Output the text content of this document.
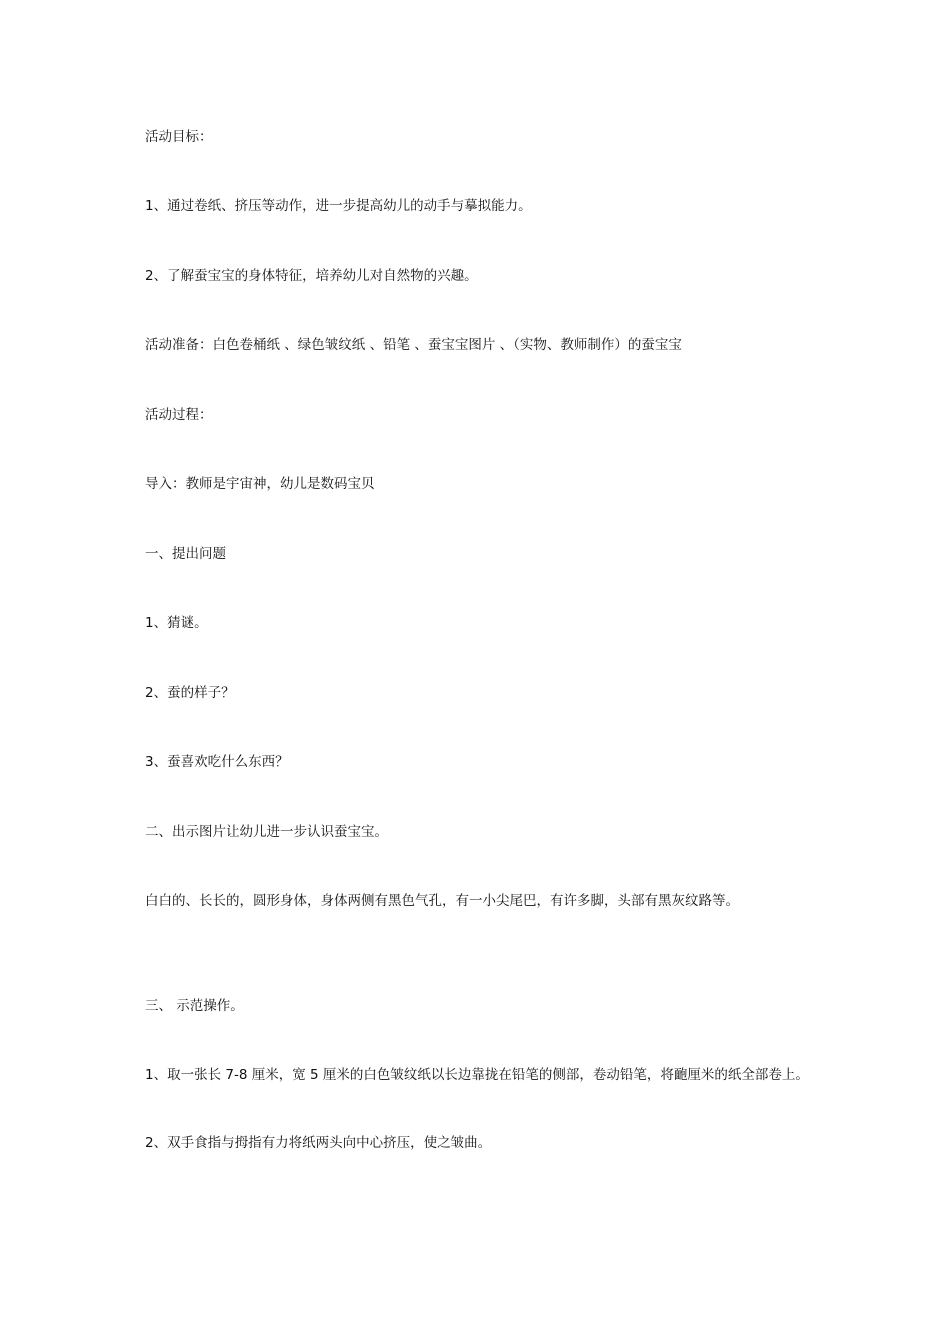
活动目标：

1、通过卷纸、挤压等动作，进一步提高幼儿的动手与摹拟能力。

2、了解蚕宝宝的身体特征，培养幼儿对自然物的兴趣。

活动准备：白色卷桶纸 、绿色皱纹纸 、铅笔 、蚕宝宝图片 、（实物、教师制作）的蚕宝宝

活动过程：

导入：教师是宇宙神，幼儿是数码宝贝

一、提出问题

1、猜谜。

2、蚕的样子？

3、蚕喜欢吃什么东西？

二、出示图片让幼儿进一步认识蚕宝宝。

白白的、长长的，圆形身体，身体两侧有黑色气孔，有一小尖尾巴，有许多脚，头部有黑灰纹路等。

三、 示范操作。

1、取一张长 7-8 厘米，宽 5 厘米的白色皱纹纸以长边靠拢在铅笔的侧部，卷动铅笔，将靤厘米的纸全部卷上。

2、双手食指与拇指有力将纸两头向中心挤压，使之皱曲。
